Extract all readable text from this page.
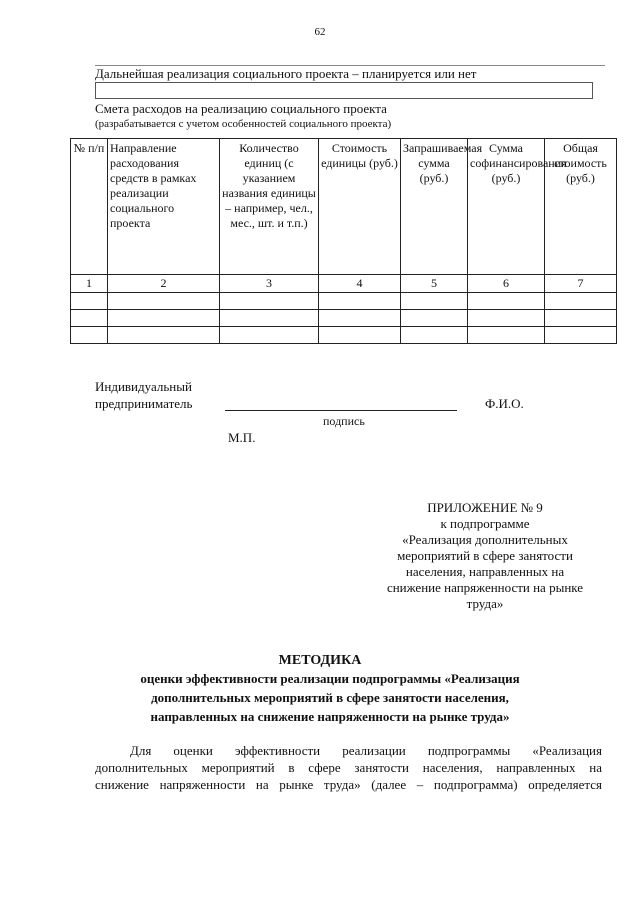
62
Дальнейшая реализация социального проекта – планируется или нет
Смета расходов на реализацию социального проекта
(разрабатывается с учетом особенностей социального проекта)
№ п/п	Направление расходования средств в рамках реализации социального проекта	Количество единиц (с указанием названия единицы – например, чел., мес., шт. и т.п.)	Стоимость единицы (руб.)	Запрашиваемая сумма (руб.)	Сумма софинансирования (руб.)	Общая стоимость (руб.)
1	2	3	4	5	6	7

Индивидуальный
предприниматель	Ф.И.О.
подпись
М.П.
ПРИЛОЖЕНИЕ № 9
к подпрограмме
«Реализация дополнительных
мероприятий в сфере занятости
населения, направленных на
снижение напряженности на рынке
труда»
МЕТОДИКА
оценки эффективности реализации подпрограммы «Реализация
дополнительных мероприятий в сфере занятости населения,
направленных на снижение напряженности на рынке труда»
Для оценки эффективности реализации подпрограммы «Реализация
дополнительных мероприятий в сфере занятости населения, направленных на
снижение напряженности на рынке труда» (далее – подпрограмма) определяется
